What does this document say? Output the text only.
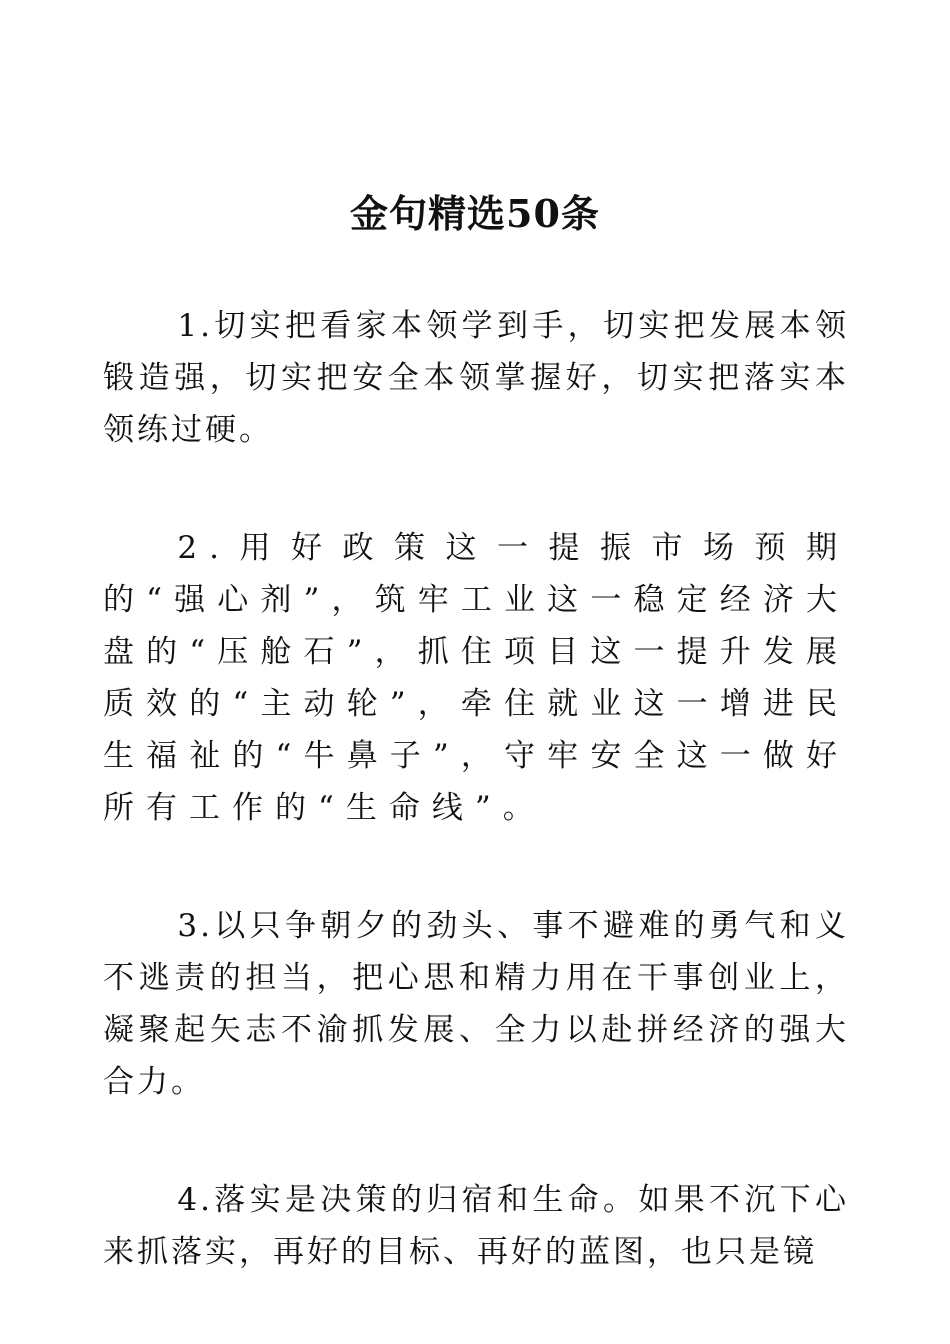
金句精选50条

1.切实把看家本领学到手，切实把发展本领锻造强，切实把安全本领掌握好，切实把落实本领练过硬。

2.用好政策这一提振市场预期的“强心剂”，筑牢工业这一稳定经济大盘的“压舱石”，抓住项目这一提升发展质效的“主动轮”，牵住就业这一增进民生福祉的“牛鼻子”，守牢安全这一做好所有工作的“生命线”。

3.以只争朝夕的劲头、事不避难的勇气和义不逃责的担当，把心思和精力用在干事创业上，凝聚起矢志不渝抓发展、全力以赴拼经济的强大合力。

4.落实是决策的归宿和生命。如果不沉下心来抓落实，再好的目标、再好的蓝图，也只是镜
